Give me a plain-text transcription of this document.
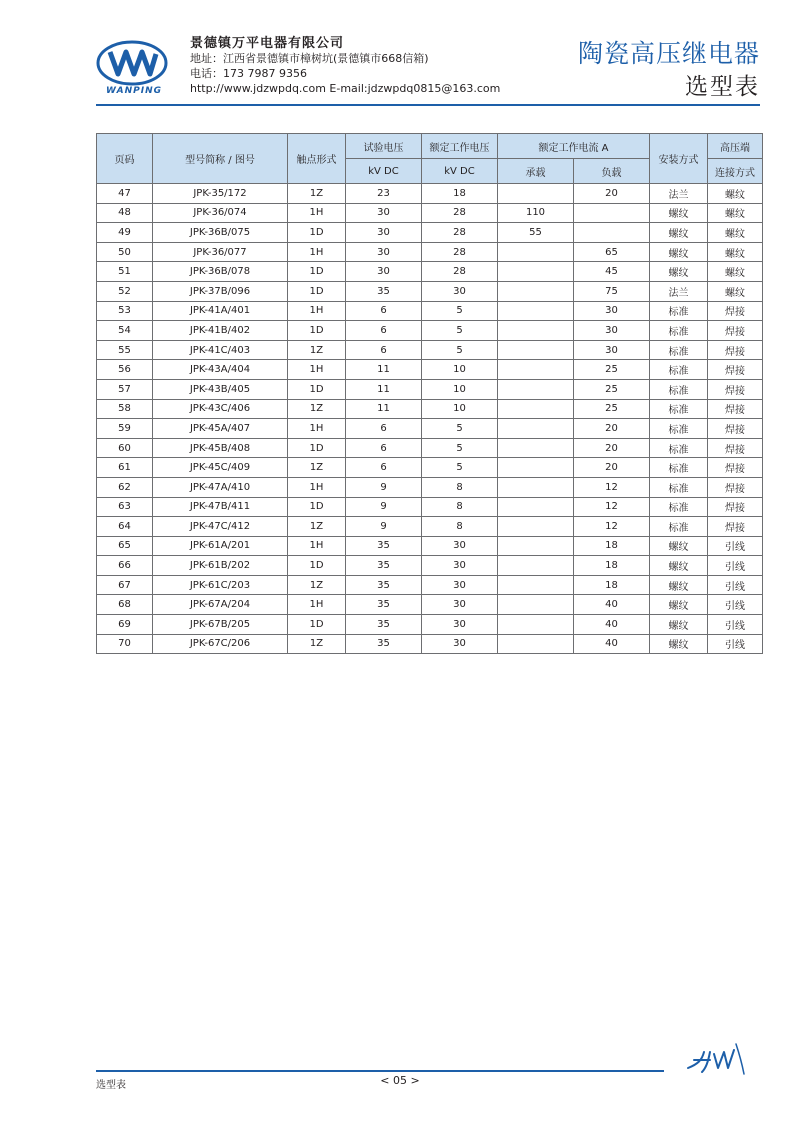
WANPING
景德镇万平电器有限公司
地址：江西省景德镇市樟树坑(景德镇市668信箱)
电话：173 7987 9356
http://www.jdzwpdq.com E-mail:jdzwpdq0815@163.com
陶瓷高压继电器
选型表
页码	型号简称 / 图号	触点形式	试验电压	额定工作电压	额定工作电流 A		安装方式	高压端
			kV DC	kV DC	承载	负载		连接方式
47	JPK-35/172	1Z	23	18		20	法兰	螺纹
48	JPK-36/074	1H	30	28	110		螺纹	螺纹
49	JPK-36B/075	1D	30	28	55		螺纹	螺纹
50	JPK-36/077	1H	30	28		65	螺纹	螺纹
51	JPK-36B/078	1D	30	28		45	螺纹	螺纹
52	JPK-37B/096	1D	35	30		75	法兰	螺纹
53	JPK-41A/401	1H	6	5		30	标准	焊接
54	JPK-41B/402	1D	6	5		30	标准	焊接
55	JPK-41C/403	1Z	6	5		30	标准	焊接
56	JPK-43A/404	1H	11	10		25	标准	焊接
57	JPK-43B/405	1D	11	10		25	标准	焊接
58	JPK-43C/406	1Z	11	10		25	标准	焊接
59	JPK-45A/407	1H	6	5		20	标准	焊接
60	JPK-45B/408	1D	6	5		20	标准	焊接
61	JPK-45C/409	1Z	6	5		20	标准	焊接
62	JPK-47A/410	1H	9	8		12	标准	焊接
63	JPK-47B/411	1D	9	8		12	标准	焊接
64	JPK-47C/412	1Z	9	8		12	标准	焊接
65	JPK-61A/201	1H	35	30		18	螺纹	引线
66	JPK-61B/202	1D	35	30		18	螺纹	引线
67	JPK-61C/203	1Z	35	30		18	螺纹	引线
68	JPK-67A/204	1H	35	30		40	螺纹	引线
69	JPK-67B/205	1D	35	30		40	螺纹	引线
70	JPK-67C/206	1Z	35	30		40	螺纹	引线
选型表	< 05 >
